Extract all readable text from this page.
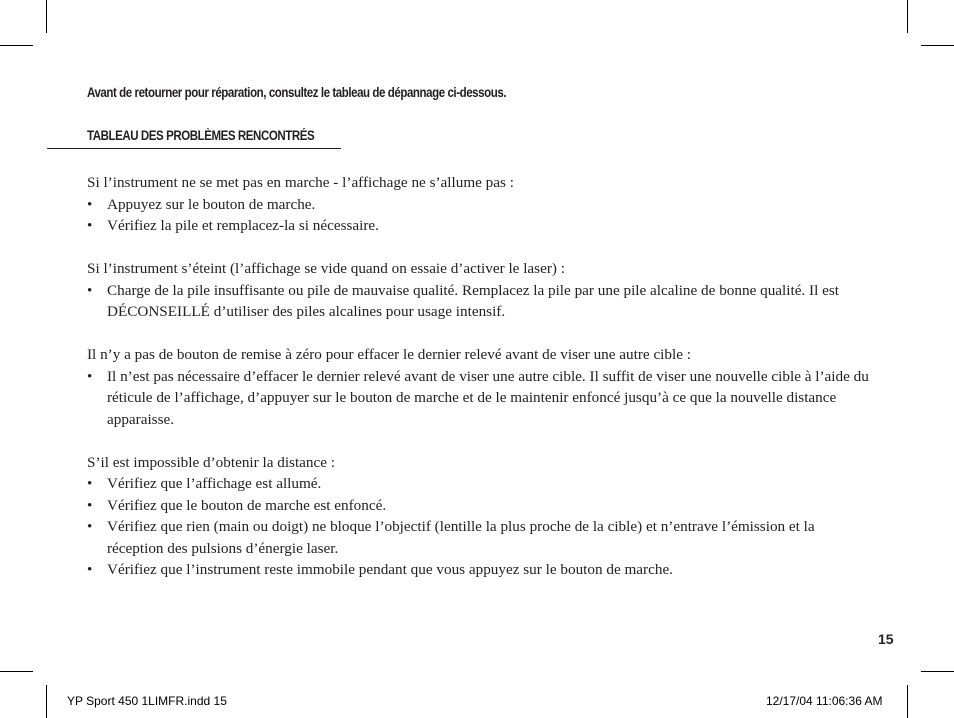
Avant de retourner pour réparation, consultez le tableau de dépannage ci-dessous.
TABLEAU DES PROBLÈMES RENCONTRÉS

Si l’instrument ne se met pas en marche - l’affichage ne s’allume pas :

• Appuyez sur le bouton de marche.
• Vérifiez la pile et remplacez-la si nécessaire.

Si l’instrument s’éteint (l’affichage se vide quand on essaie d’activer le laser) :

• Charge de la pile insuffisante ou pile de mauvaise qualité. Remplacez la pile par une pile alcaline de bonne qualité. Il est DÉCONSEILLÉ d’utiliser des piles alcalines pour usage intensif.

Il n’y a pas de bouton de remise à zéro pour effacer le dernier relevé avant de viser une autre cible :

• Il n’est pas nécessaire d’effacer le dernier relevé avant de viser une autre cible. Il suffit de viser une nouvelle cible à l’aide du réticule de l’affichage, d’appuyer sur le bouton de marche et de le maintenir enfoncé jusqu’à ce que la nouvelle distance apparaisse.

S’il est impossible d’obtenir la distance :

• Vérifiez que l’affichage est allumé.
• Vérifiez que le bouton de marche est enfoncé.
• Vérifiez que rien (main ou doigt) ne bloque l’objectif (lentille la plus proche de la cible) et n’entrave l’émission et la réception des pulsions d’énergie laser.
• Vérifiez que l’instrument reste immobile pendant que vous appuyez sur le bouton de marche.
15
YP Sport 450 1LIMFR.indd 15	12/17/04 11:06:36 AM
